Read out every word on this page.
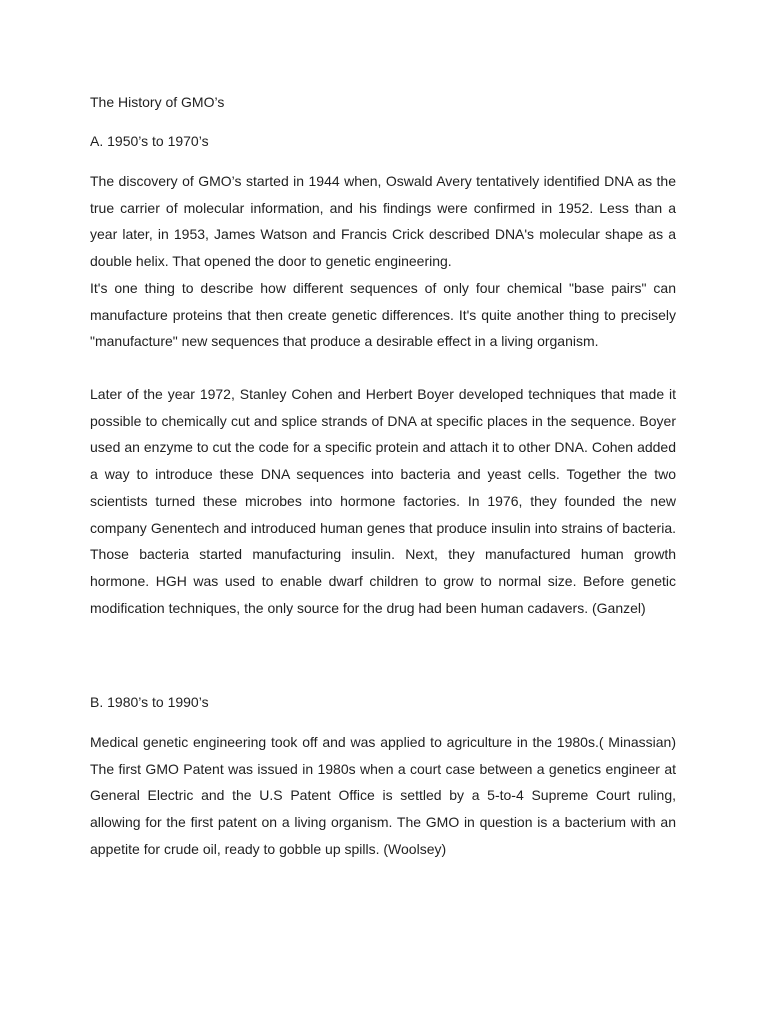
The History of GMO’s
A. 1950’s to 1970’s

The discovery of GMO’s started in 1944 when, Oswald Avery tentatively identified DNA as the true carrier of molecular information, and his findings were confirmed in 1952. Less than a year later, in 1953, James Watson and Francis Crick described DNA's molecular shape as a double helix. That opened the door to genetic engineering.

It's one thing to describe how different sequences of only four chemical "base pairs" can manufacture proteins that then create genetic differences. It's quite another thing to precisely "manufacture" new sequences that produce a desirable effect in a living organism.

Later of the year 1972, Stanley Cohen and Herbert Boyer developed techniques that made it possible to chemically cut and splice strands of DNA at specific places in the sequence. Boyer used an enzyme to cut the code for a specific protein and attach it to other DNA. Cohen added a way to introduce these DNA sequences into bacteria and yeast cells. Together the two scientists turned these microbes into hormone factories. In 1976, they founded the new company Genentech and introduced human genes that produce insulin into strains of bacteria. Those bacteria started manufacturing insulin. Next, they manufactured human growth hormone. HGH was used to enable dwarf children to grow to normal size. Before genetic modification techniques, the only source for the drug had been human cadavers. (Ganzel)

B. 1980’s to 1990’s

Medical genetic engineering took off and was applied to agriculture in the 1980s.( Minassian) The first GMO Patent was issued in 1980s when a court case between a genetics engineer at General Electric and the U.S Patent Office is settled by a 5-to-4 Supreme Court ruling, allowing for the first patent on a living organism. The GMO in question is a bacterium with an appetite for crude oil, ready to gobble up spills. (Woolsey)
